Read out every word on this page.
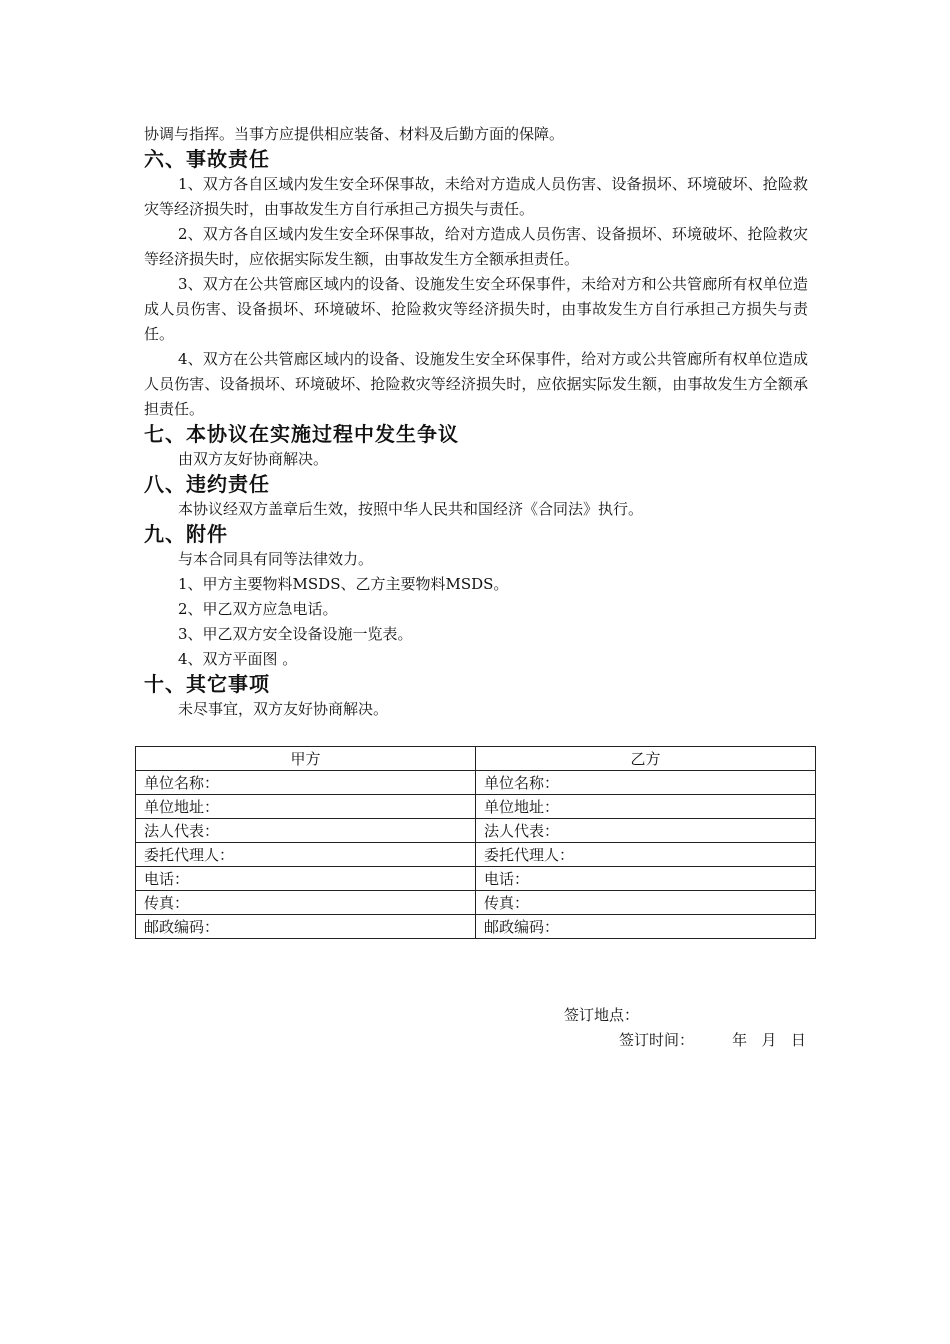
协调与指挥。当事方应提供相应装备、材料及后勤方面的保障。

六、事故责任

1、双方各自区域内发生安全环保事故，未给对方造成人员伤害、设备损坏、环境破坏、抢险救灾等经济损失时，由事故发生方自行承担己方损失与责任。

2、双方各自区域内发生安全环保事故，给对方造成人员伤害、设备损坏、环境破坏、抢险救灾等经济损失时，应依据实际发生额，由事故发生方全额承担责任。

3、双方在公共管廊区域内的设备、设施发生安全环保事件，未给对方和公共管廊所有权单位造成人员伤害、设备损坏、环境破坏、抢险救灾等经济损失时，由事故发生方自行承担己方损失与责任。

4、双方在公共管廊区域内的设备、设施发生安全环保事件，给对方或公共管廊所有权单位造成人员伤害、设备损坏、环境破坏、抢险救灾等经济损失时，应依据实际发生额，由事故发生方全额承担责任。

七、本协议在实施过程中发生争议

由双方友好协商解决。

八、违约责任

本协议经双方盖章后生效，按照中华人民共和国经济《合同法》执行。

九、附件

与本合同具有同等法律效力。

1、甲方主要物料MSDS、乙方主要物料MSDS。

2、甲乙双方应急电话。

3、甲乙双方安全设备设施一览表。

4、双方平面图 。

十、其它事项

未尽事宜，双方友好协商解决。

甲方	乙方
单位名称：	单位名称：
单位地址：	单位地址：
法人代表：	法人代表：
委托代理人：	委托代理人：
电话：	电话：
传真：	传真：
邮政编码：	邮政编码：
签订地点：
签订时间：	年 月 日
